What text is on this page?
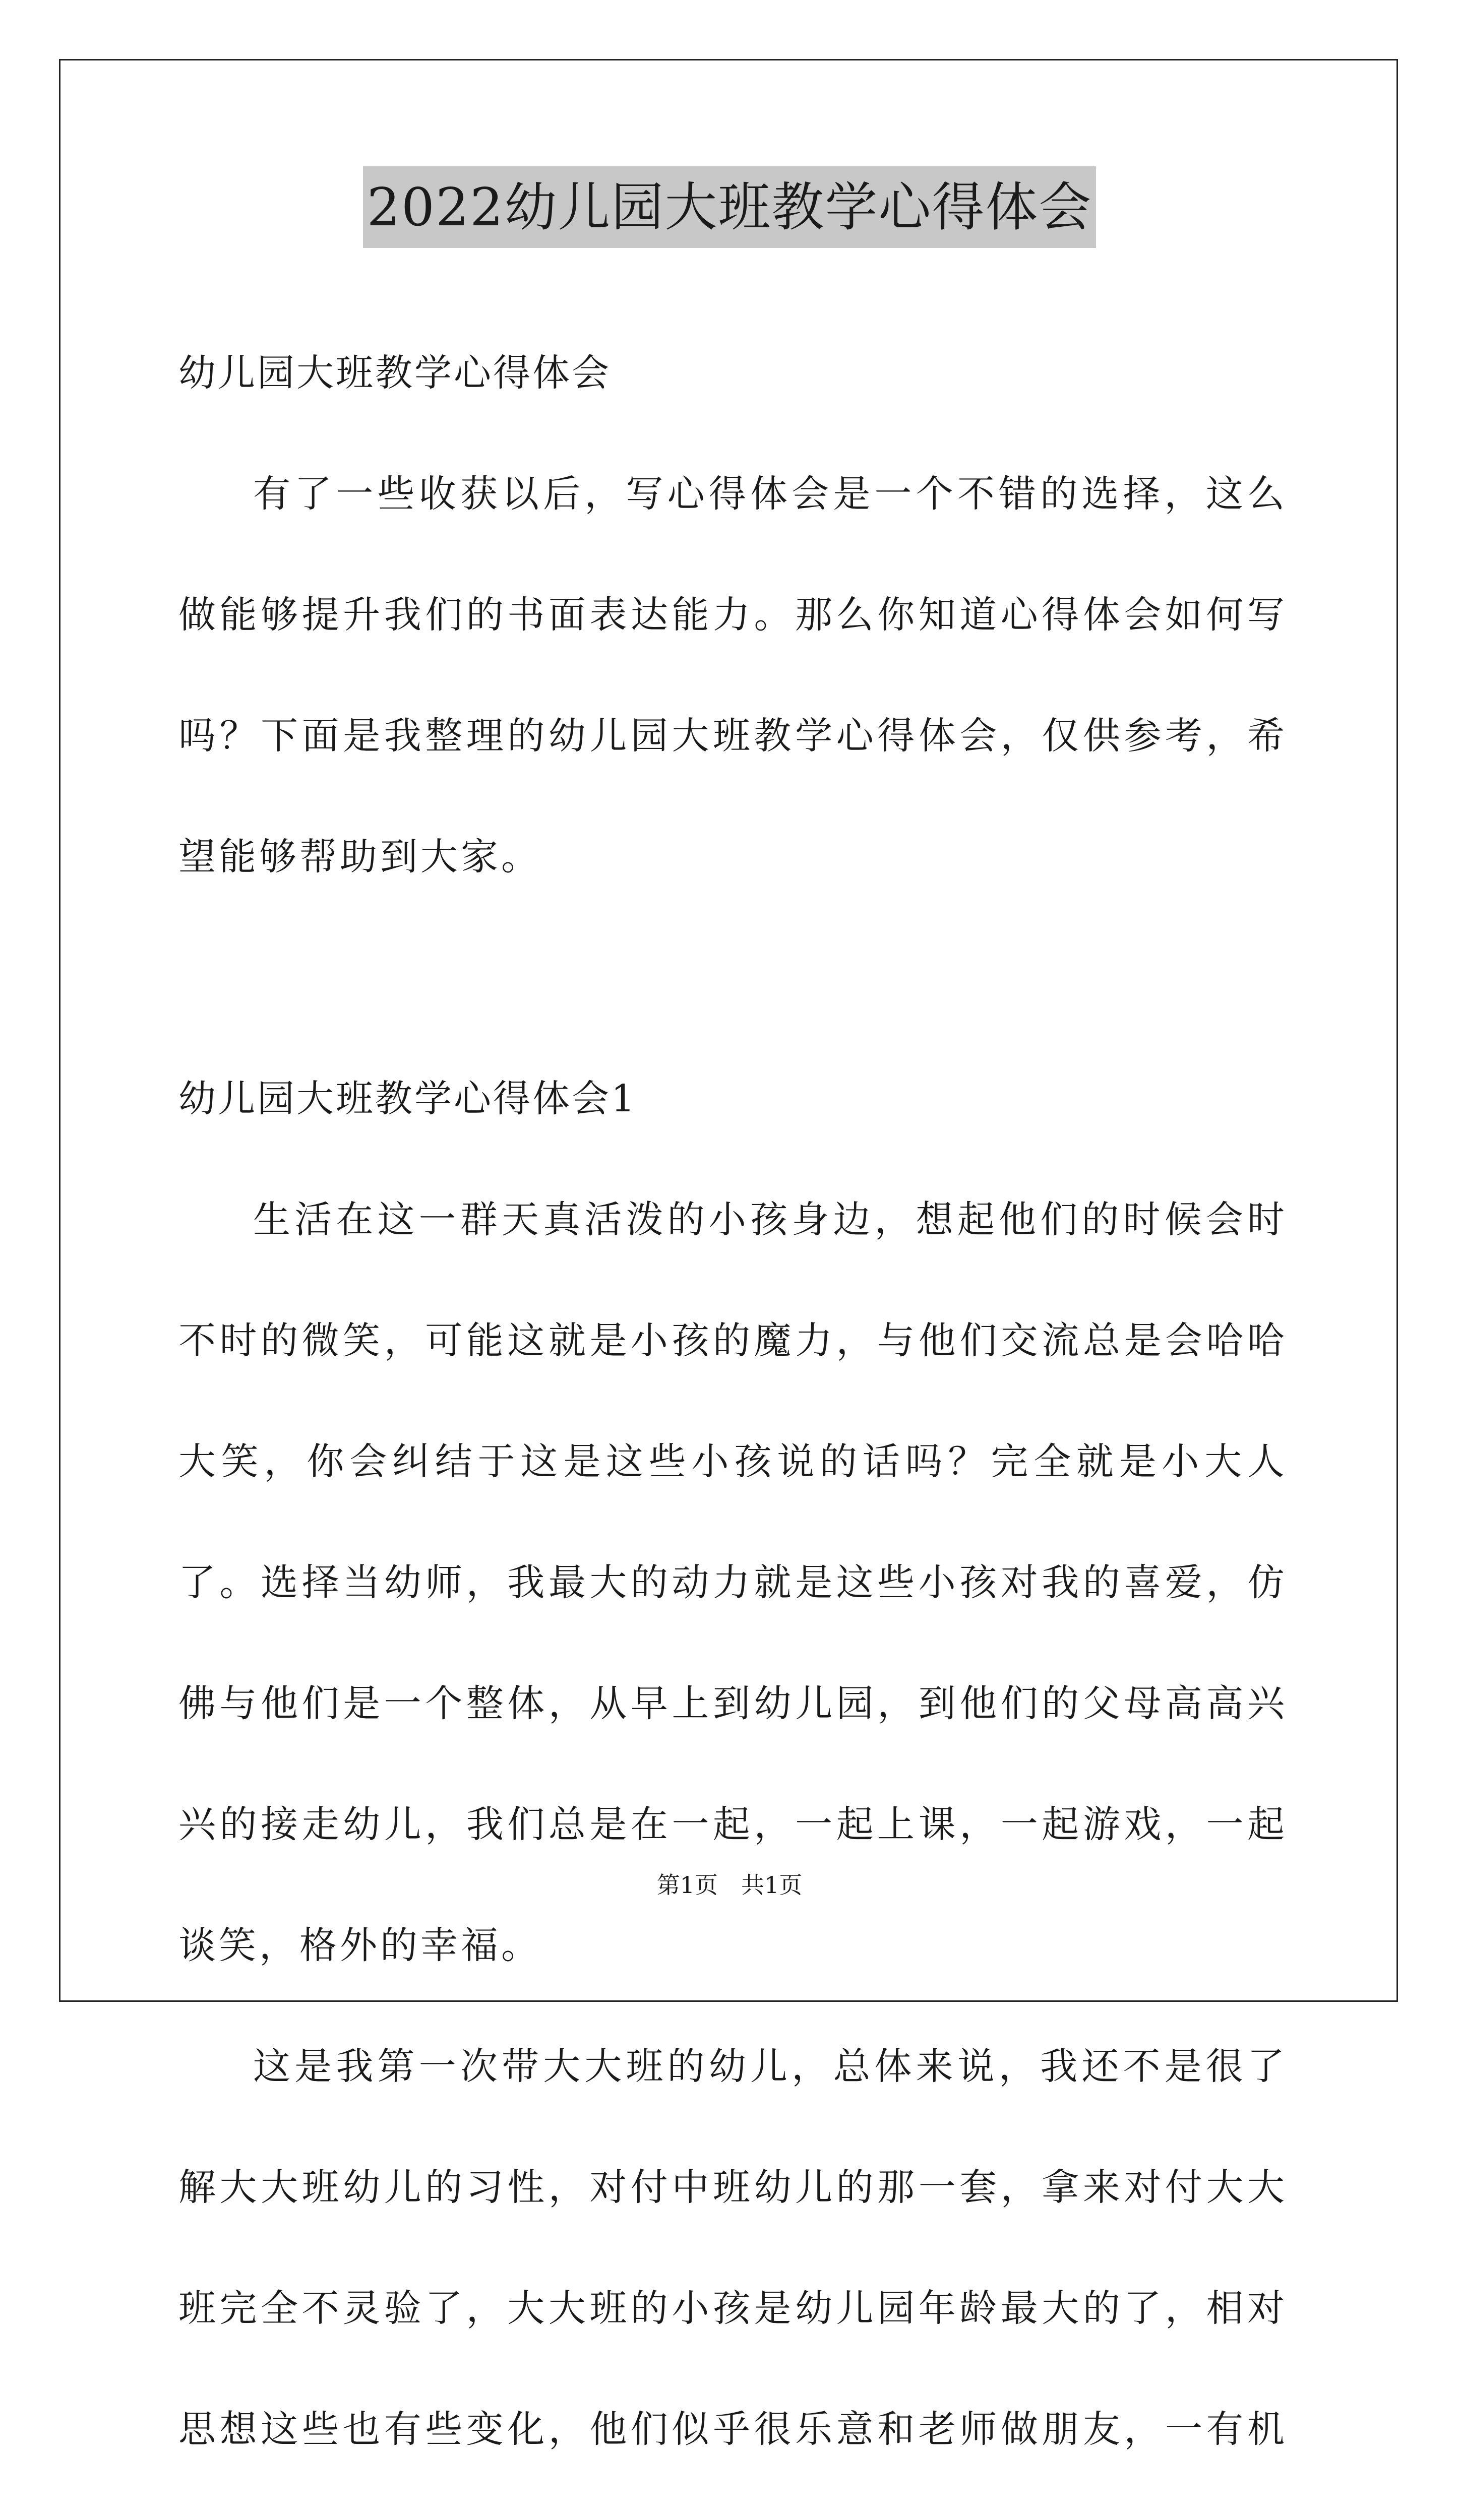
2022幼儿园大班教学心得体会

幼儿园大班教学心得体会

有了一些收获以后，写心得体会是一个不错的选择，这么做能够提升我们的书面表达能力。那么你知道心得体会如何写吗？下面是我整理的幼儿园大班教学心得体会，仅供参考，希望能够帮助到大家。

幼儿园大班教学心得体会1

生活在这一群天真活泼的小孩身边，想起他们的时候会时不时的微笑，可能这就是小孩的魔力，与他们交流总是会哈哈大笑，你会纠结于这是这些小孩说的话吗？完全就是小大人了。选择当幼师，我最大的动力就是这些小孩对我的喜爱，仿佛与他们是一个整体，从早上到幼儿园，到他们的父母高高兴兴的接走幼儿，我们总是在一起，一起上课，一起游戏，一起谈笑，格外的幸福。

这是我第一次带大大班的幼儿，总体来说，我还不是很了解大大班幼儿的习性，对付中班幼儿的那一套，拿来对付大大班完全不灵验了，大大班的小孩是幼儿园年龄最大的了，相对思想这些也有些变化，他们似乎很乐意和老师做朋友，一有机

第1页　共1页
